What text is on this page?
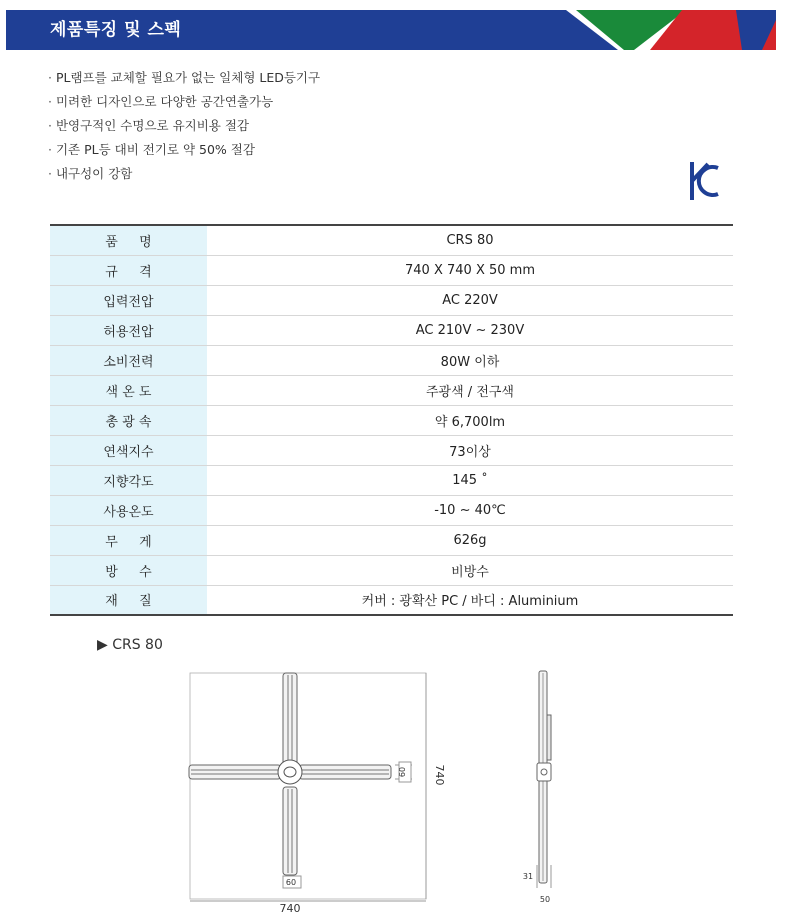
제품특징 및 스펙
· PL램프를 교체할 필요가 없는 일체형 LED등기구
· 미려한 디자인으로 다양한 공간연출가능
· 반영구적인 수명으로 유지비용 절감
· 기존 PL등 대비 전기로 약 50% 절감
· 내구성이 강함
품 　 명	CRS 80
규 　 격	740 X 740 X 50 mm
입력전압	AC 220V
허용전압	AC 210V ~ 230V
소비전력	80W 이하
색 온 도	주광색 / 전구색
총 광 속	약 6,700lm
연색지수	73이상
지향각도	145 ˚
사용온도	-10 ~ 40℃
무 　 게	626g
방 　 수	비방수
재 　 질	커버 : 광확산 PC / 바디 : Aluminium
▶ CRS 80
60 740
60
740
31
50
